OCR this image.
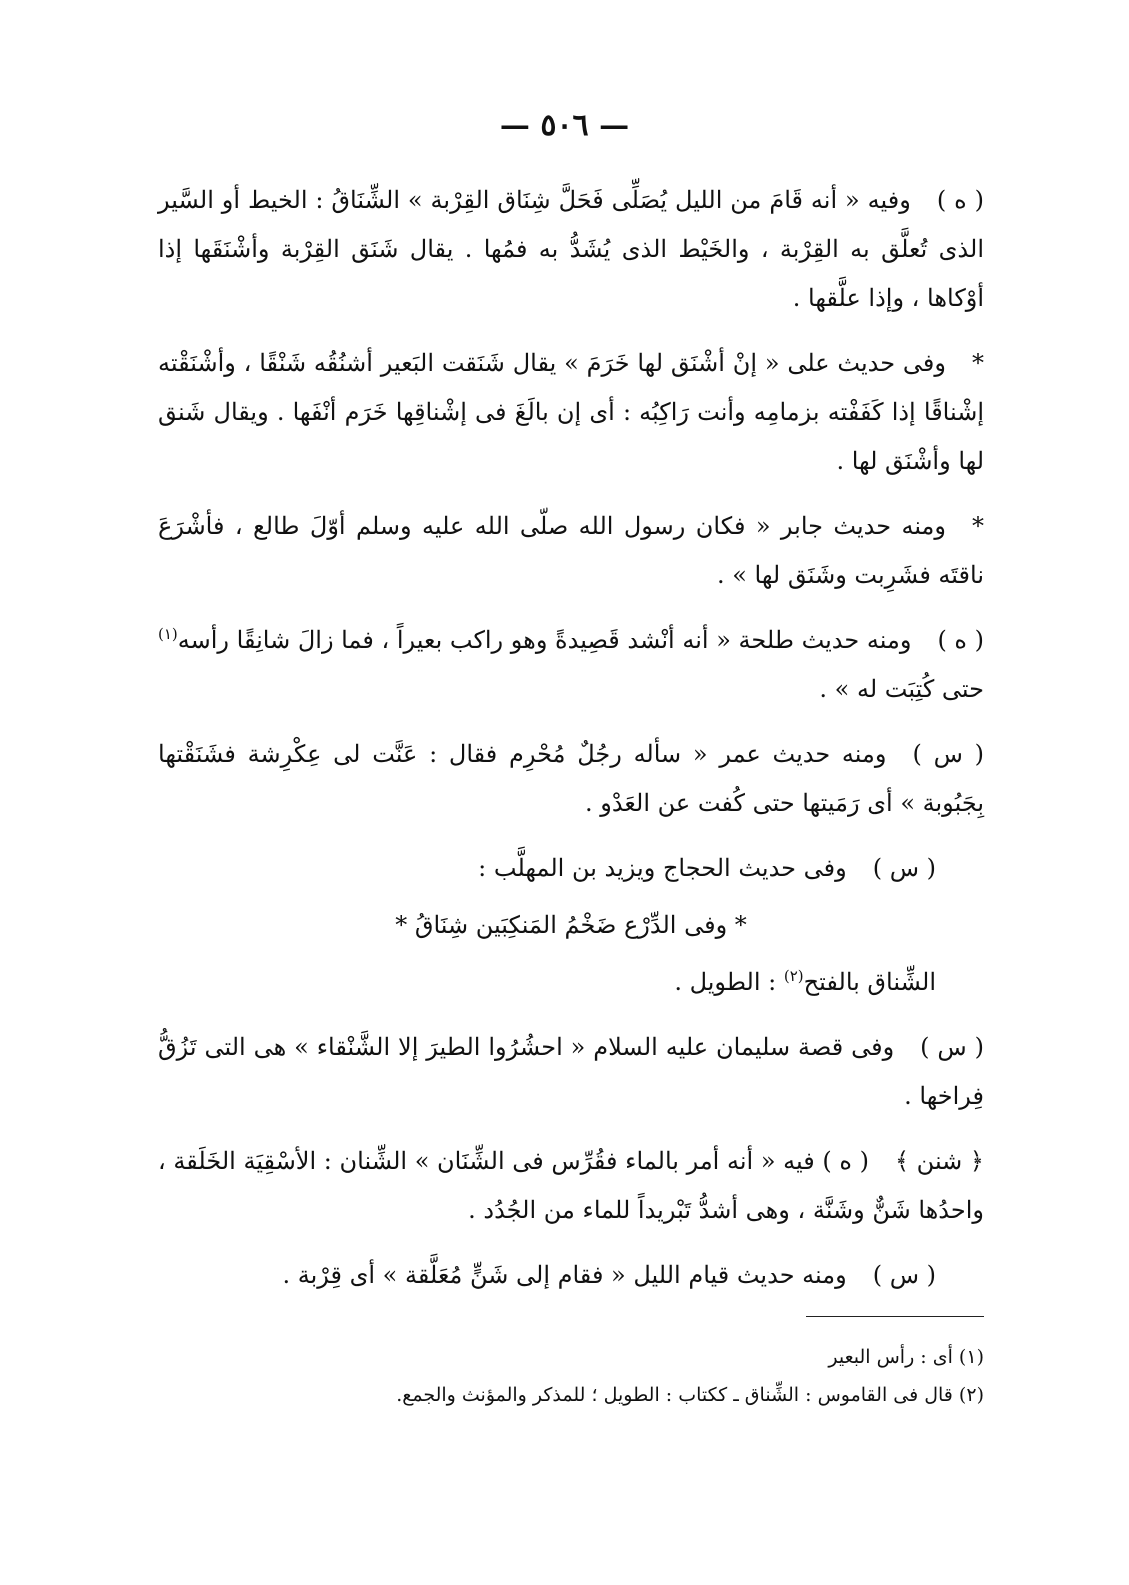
— ٥٠٦ —

( ه )وفيه « أنه قَامَ من الليل يُصَلِّى فَحَلَّ شِنَاق القِرْبة » الشِّنَاقُ : الخيط أو السَّير الذى تُعلَّق به القِرْبة ، والخَيْط الذى يُشَدُّ به فمُها . يقال شَنَق القِرْبة وأشْنَقَها إذا أوْكاها ، وإذا علَّقها .

*وفى حديث على « إنْ أشْنَق لها خَرَمَ » يقال شَنَقت البَعير أشنُقُه شَنْقًا ، وأشْنَقْته إشْناقًا إذا كَفَفْته بزمامِه وأنت رَاكِبُه : أى إن بالَغَ فى إشْناقِها خَرَم أنْفَها . ويقال شَنق لها وأشْنَق لها .

*ومنه حديث جابر « فكان رسول الله صلّى الله عليه وسلم أوّلَ طالع ، فأشْرَعَ ناقتَه فشَرِبت وشَنَق لها » .

( ه )ومنه حديث طلحة « أنه أنْشد قَصِيدةً وهو راكب بعيراً ، فما زالَ شانِقًا رأسه$^{(١)}$ حتى كُتِبَت له » .

( س )ومنه حديث عمر « سأله رجُلٌ مُحْرِم فقال : عَنَّت لى عِكْرِشة فشَنَقْتها بِجَبُوبة » أى رَمَيتها حتى كُفت عن العَدْو .

( س )وفى حديث الحجاج ويزيد بن المهلَّب :

* وفى الدِّرْع ضَخْمُ المَنكِبَين شِنَاقُ *

الشِّناق بالفتح$^{(٢)}$ : الطويل .

( س )وفى قصة سليمان عليه السلام « احشُرُوا الطيرَ إلا الشَّنْقاء » هى التى تَزُقُّ فِراخها .

﴿ شنن ﴾( ه ) فيه « أنه أمر بالماء فقُرِّس فى الشِّنَان » الشِّنان : الأسْقِيَة الخَلَقة ، واحدُها شَنٌّ وشَنَّة ، وهى أشدُّ تَبْريداً للماء من الجُدُد .

( س )ومنه حديث قيام الليل « فقام إلى شَنٍّ مُعَلَّقة » أى قِرْبة .

(١) أى : رأس البعير

(٢) قال فى القاموس : الشِّناق ـ ككتاب : الطويل ؛ للمذكر والمؤنث والجمع.
